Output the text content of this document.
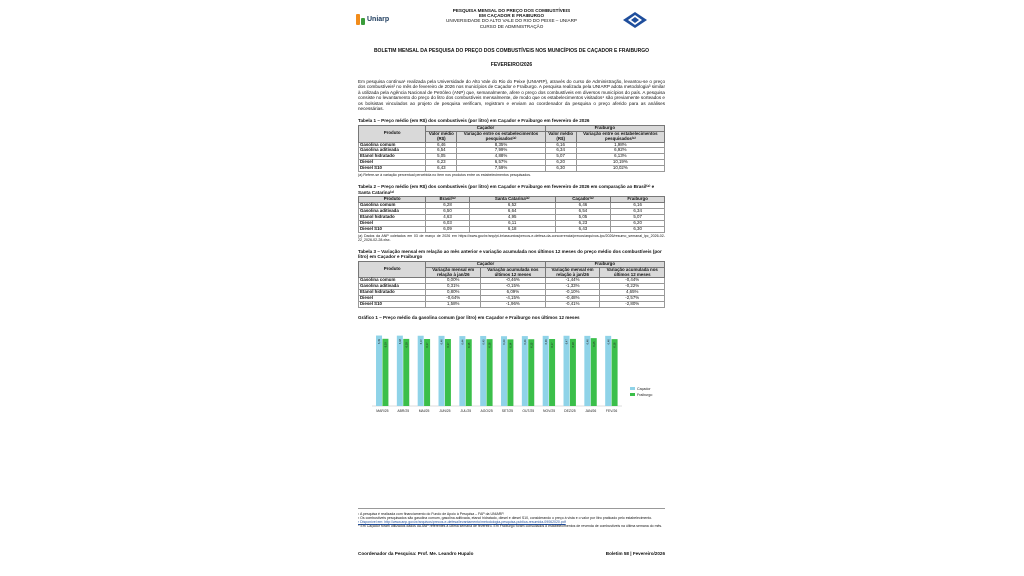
Uniarp
PESQUISA MENSAL DO PREÇO DOS COMBUSTÍVEIS
EM CAÇADOR E FRAIBURGO
UNIVERSIDADE DO ALTO VALE DO RIO DO PEIXE – UNIARP
CURSO DE ADMINISTRAÇÃO
BOLETIM MENSAL DA PESQUISA DO PREÇO DOS COMBUSTÍVEIS NOS MUNICÍPIOS DE CAÇADOR E FRAIBURGO
FEVEREIRO/2026
Em pesquisa contínua¹ realizada pela Universidade do Alto Vale do Rio do Peixe (UNIARP), através do curso de Administração, levantou-se o preço dos combustíveis² no mês de fevereiro de 2026 nos municípios de Caçador e Fraiburgo. A pesquisa realizada pela UNIARP adota metodologia³ similar à utilizada pela Agência Nacional de Petróleo (ANP) que, semanalmente, afere o preço dos combustíveis em diversos municípios do país. A pesquisa consiste no levantamento do preço do litro dos combustíveis mensalmente, de modo que os estabelecimentos visitados⁴ são previamente sorteados e os bolsistas vinculados ao projeto de pesquisa verificam, registram e enviam ao coordenador da pesquisa o preço aferido para as análises necessárias.
Tabela 1 – Preço médio (em R$) dos combustíveis (por litro) em Caçador e Fraiburgo em fevereiro de 2026
Produto	Caçador		Fraiburgo	
	Valor médio (R$)	Variação entre os estabelecimentos pesquisados⁽ᵃ⁾	Valor médio (R$)	Variação entre os estabelecimentos pesquisados⁽ᵃ⁾
Gasolina comum	6,46	8,35%	6,16	1,98%
Gasolina aditivada	6,54	7,99%	6,34	6,92%
Etanol hidratado	5,05	4,88%	5,07	6,13%
Diesel	6,23	6,57%	6,20	10,19%
Diesel S10	6,43	7,59%	6,30	10,02%
(a) Refere-se à variação percentual percebida no item nos produtos entre os estabelecimentos pesquisados.
Tabela 2 – Preço médio (em R$) dos combustíveis (por litro) em Caçador e Fraiburgo em fevereiro de 2026 em comparação ao Brasil⁽ᵃ⁾ e Santa Catarina⁽ᵃ⁾
Produto	Brasil⁽ᵃ⁾	Santa Catarina⁽ᵃ⁾	Caçador⁽ᵃ⁾	Fraiburgo
Gasolina comum	6,28	6,52	6,46	6,16
Gasolina aditivada	6,50	6,64	6,54	6,34
Etanol hidratado	4,63	4,95	5,05	5,07
Diesel	6,03	6,11	6,23	6,20
Diesel S10	6,09	6,18	6,43	6,30
(a) Dados da ANP coletados em 03 de março de 2026 em https://www.gov.br/anp/pt-br/assuntos/precos-e-defesa-da-concorrencia/precos/arquivos-lpc/2026/resumo_semanal_lpc_2026-02-22_2026-02-28.xlsx.
Tabela 3 – Variação mensal em relação ao mês anterior e variação acumulada nos últimos 12 meses do preço médio dos combustíveis (por litro) em Caçador e Fraiburgo
Produto	Caçador		Fraiburgo	
	Variação mensal em relação à jan/26	Variação acumulada nos últimos 12 meses	Variação mensal em relação à jan/26	Variação acumulada nos últimos 12 meses
Gasolina comum	0,00%	-0,46%	-1,44%	-0,44%
Gasolina aditivada	0,31%	-0,15%	-1,33%	-0,22%
Etanol hidratado	0,80%	6,09%	-0,10%	4,65%
Diesel	-0,64%	-4,15%	-0,48%	-2,57%
Diesel S10	1,58%	-1,96%	-0,41%	-2,80%
Gráfico 1 – Preço médio da gasolina comum (por litro) em Caçador e Fraiburgo nos últimos 12 meses
6,49
6,19
MAR/25
6,48
6,18
ABR/25
6,47
6,17
MAI/25
6,46
6,17
JUN/25
6,44
6,15
JUL/25
6,45
6,16
AGO/25
6,43
6,14
SET/25
6,44
6,15
OUT/25
6,46
6,17
NOV/25
6,47
6,18
DEZ/25
6,46	6,25
JAN/26
6,46
6,16
FEV/26
Caçador
Fraiburgo
¹ A pesquisa é realizada com financiamento do Fundo de Apoio à Pesquisa – FAP da UNIARP.
² Os combustíveis pesquisados são gasolina comum, gasolina aditivada, etanol hidratado, diesel e diesel S10, considerando o preço à vista e o valor por litro praticado pelo estabelecimento.
³ Disponível em: http://www.anp.gov.br/arquivos/precos-e-defesa/levantamento/metodologia-pesquisa-publica-resumida-09062020.pdf
⁴ Em Caçador foram utilizados dados da ANP referentes à última semana de fevereiro. Em Fraiburgo foram consultados 8 estabelecimentos de revenda de combustíveis na última semana do mês.
Coordenador da Pesquisa: Prof. Me. Leandro Hupalo	Boletim 58 | Fevereiro/2026
